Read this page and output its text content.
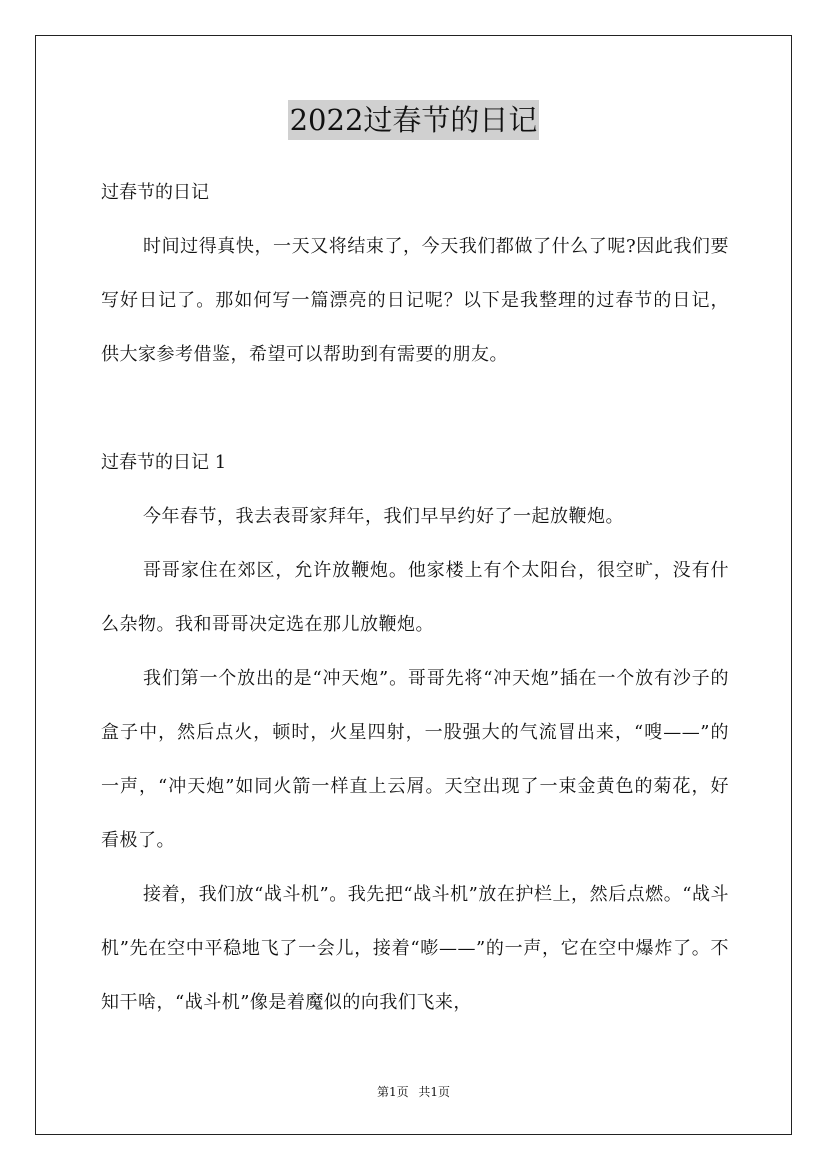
2022过春节的日记

过春节的日记

时间过得真快，一天又将结束了，今天我们都做了什么了呢?因此我们要写好日记了。那如何写一篇漂亮的日记呢？以下是我整理的过春节的日记，供大家参考借鉴，希望可以帮助到有需要的朋友。

过春节的日记 1

今年春节，我去表哥家拜年，我们早早约好了一起放鞭炮。

哥哥家住在郊区，允许放鞭炮。他家楼上有个太阳台，很空旷，没有什么杂物。我和哥哥决定选在那儿放鞭炮。

我们第一个放出的是“冲天炮”。哥哥先将“冲天炮”插在一个放有沙子的盒子中，然后点火，顿时，火星四射，一股强大的气流冒出来，“嗖——”的一声，“冲天炮”如同火箭一样直上云屑。天空出现了一束金黄色的菊花，好看极了。

接着，我们放“战斗机”。我先把“战斗机”放在护栏上，然后点燃。“战斗机”先在空中平稳地飞了一会儿，接着“嘭——”的一声，它在空中爆炸了。不知干啥，“战斗机”像是着魔似的向我们飞来，

第1页 共1页
